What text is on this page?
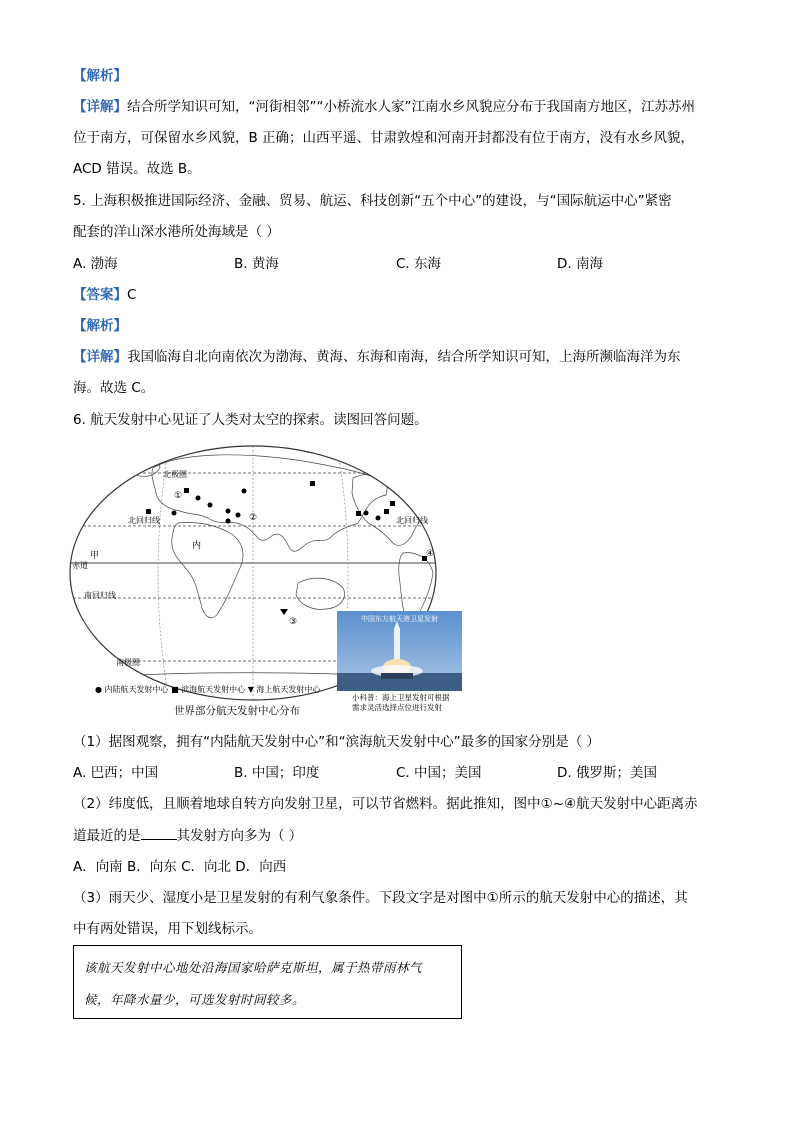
【解析】
【详解】结合所学知识可知，“河街相邻”“小桥流水人家”江南水乡风貌应分布于我国南方地区，江苏苏州
位于南方，可保留水乡风貌，B 正确；山西平遥、甘肃敦煌和河南开封都没有位于南方，没有水乡风貌，
ACD 错误。故选 B。
5. 上海积极推进国际经济、金融、贸易、航运、科技创新“五个中心”的建设，与“国际航运中心”紧密
配套的洋山深水港所处海域是（ ）
A. 渤海	B. 黄海	C. 东海	D. 南海
【答案】C
【解析】
【详解】我国临海自北向南依次为渤海、黄海、东海和南海，结合所学知识可知，上海所濒临海洋为东
海。故选 C。
6. 航天发射中心见证了人类对太空的探索。读图回答问题。
北极圈
北回归线	北回归线
赤道
南回归线
南极圈
甲
内
①
②
③
④
中国东方航天港卫星发射
小科普：海上卫星发射可根据
需求灵活选择点位进行发射
● 内陆航天发射中心 ■ 滨海航天发射中心 ▼ 海上航天发射中心
世界部分航天发射中心分布
（1）据图观察，拥有“内陆航天发射中心”和“滨海航天发射中心”最多的国家分别是（ ）
A. 巴西；中国	B. 中国；印度	C. 中国；美国	D. 俄罗斯；美国
（2）纬度低，且顺着地球自转方向发射卫星，可以节省燃料。据此推知，图中①~④航天发射中心距离赤
道最近的是	其发射方向多为（ ）
A．向南 B．向东 C．向北 D．向西
（3）雨天少、湿度小是卫星发射的有利气象条件。下段文字是对图中①所示的航天发射中心的描述，其
中有两处错误，用下划线标示。
该航天发射中心地处沿海国家哈萨克斯坦，属于热带雨林气
候，年降水量少，可选发射时间较多。
